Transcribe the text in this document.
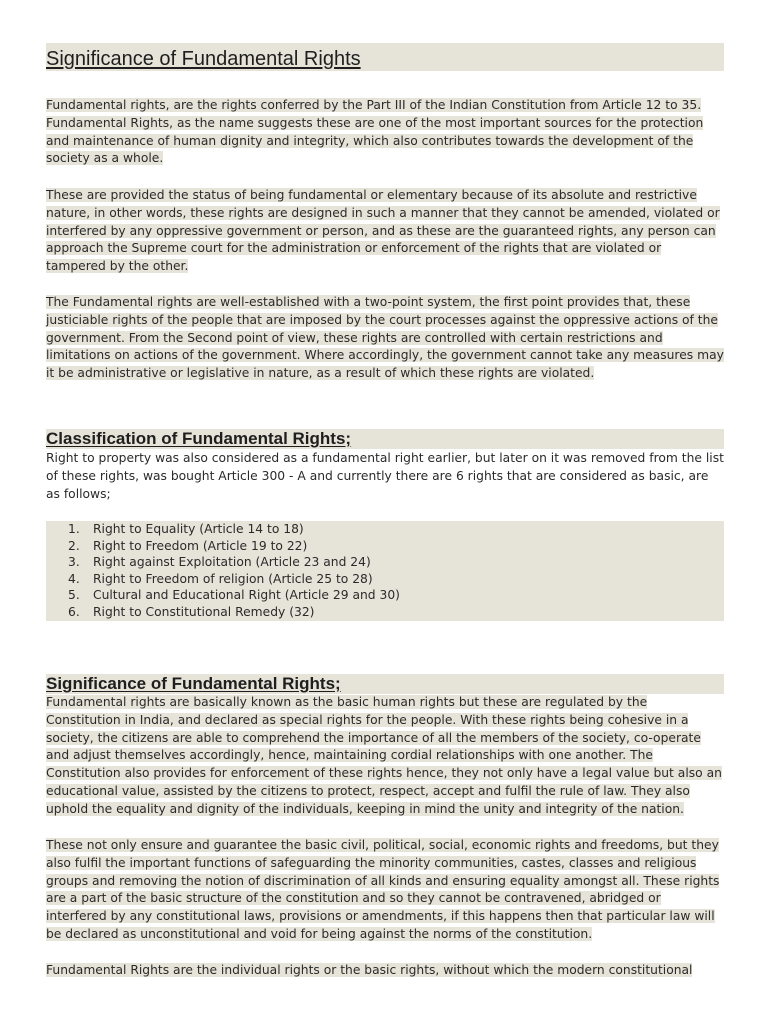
Significance of Fundamental Rights

Fundamental rights, are the rights conferred by the Part III of the Indian Constitution from Article 12 to 35. Fundamental Rights, as the name suggests these are one of the most important sources for the protection and maintenance of human dignity and integrity, which also contributes towards the development of the society as a whole.

These are provided the status of being fundamental or elementary because of its absolute and restrictive nature, in other words, these rights are designed in such a manner that they cannot be amended, violated or interfered by any oppressive government or person, and as these are the guaranteed rights, any person can approach the Supreme court for the administration or enforcement of the rights that are violated or tampered by the other.

The Fundamental rights are well-established with a two-point system, the first point provides that, these justiciable rights of the people that are imposed by the court processes against the oppressive actions of the government. From the Second point of view, these rights are controlled with certain restrictions and limitations on actions of the government. Where accordingly, the government cannot take any measures may it be administrative or legislative in nature, as a result of which these rights are violated.

Classification of Fundamental Rights;

Right to property was also considered as a fundamental right earlier, but later on it was removed from the list of these rights, was bought Article 300 - A and currently there are 6 rights that are considered as basic, are as follows;

1.	Right to Equality (Article 14 to 18)
2.	Right to Freedom (Article 19 to 22)
3.	Right against Exploitation (Article 23 and 24)
4.	Right to Freedom of religion (Article 25 to 28)
5.	Cultural and Educational Right (Article 29 and 30)
6.	Right to Constitutional Remedy (32)
Significance of Fundamental Rights;

Fundamental rights are basically known as the basic human rights but these are regulated by the Constitution in India, and declared as special rights for the people. With these rights being cohesive in a society, the citizens are able to comprehend the importance of all the members of the society, co-operate and adjust themselves accordingly, hence, maintaining cordial relationships with one another. The Constitution also provides for enforcement of these rights hence, they not only have a legal value but also an educational value, assisted by the citizens to protect, respect, accept and fulfil the rule of law. They also uphold the equality and dignity of the individuals, keeping in mind the unity and integrity of the nation.

These not only ensure and guarantee the basic civil, political, social, economic rights and freedoms, but they also fulfil the important functions of safeguarding the minority communities, castes, classes and religious groups and removing the notion of discrimination of all kinds and ensuring equality amongst all. These rights are a part of the basic structure of the constitution and so they cannot be contravened, abridged or interfered by any constitutional laws, provisions or amendments, if this happens then that particular law will be declared as unconstitutional and void for being against the norms of the constitution.

Fundamental Rights are the individual rights or the basic rights, without which the modern constitutional
